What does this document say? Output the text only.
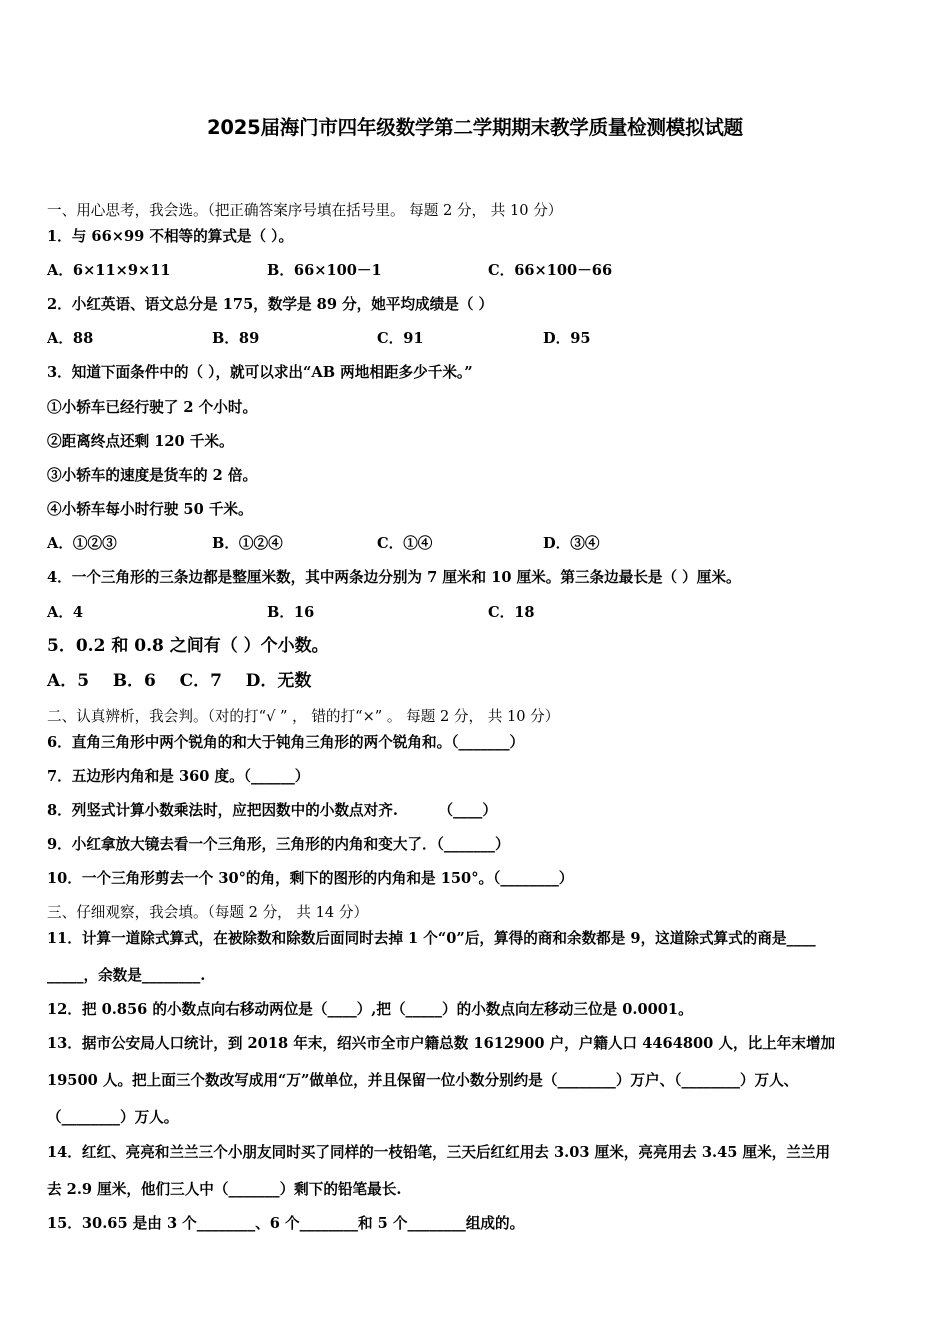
2025届海门市四年级数学第二学期期末教学质量检测模拟试题
一、用心思考，我会选。（把正确答案序号填在括号里。 每题 2 分， 共 10 分）
1．与 66×99 不相等的算式是（ ）。
A．6×11×9×11	B．66×100－1	C．66×100－66
2．小红英语、语文总分是 175，数学是 89 分，她平均成绩是（ ）
A．88	B．89	C．91	D．95
3．知道下面条件中的（ ），就可以求出“AB 两地相距多少千米。”
①小轿车已经行驶了 2 个小时。
②距离终点还剩 120 千米。
③小轿车的速度是货车的 2 倍。
④小轿车每小时行驶 50 千米。
A．①②③	B．①②④	C．①④	D．③④
4．一个三角形的三条边都是整厘米数，其中两条边分别为 7 厘米和 10 厘米。第三条边最长是（ ）厘米。
A．4	B．16	C．18
5．0.2 和 0.8 之间有（ ）个小数。
A．5    B．6    C．7    D．无数
二、认真辨析，我会判。（对的打“√ ” ， 错的打“×” 。 每题 2 分， 共 10 分）
6．直角三角形中两个锐角的和大于钝角三角形的两个锐角和。（_______）
7．五边形内角和是 360 度。（______）
8．列竖式计算小数乘法时，应把因数中的小数点对齐.        （____）
9．小红拿放大镜去看一个三角形，三角形的内角和变大了．（_______）
10．一个三角形剪去一个 30°的角，剩下的图形的内角和是 150°。（________）
三、仔细观察，我会填。（每题 2 分， 共 14 分）
11．计算一道除式算式，在被除数和除数后面同时去掉 1 个“0”后，算得的商和余数都是 9，这道除式算式的商是____
_____，余数是________.
12．把 0.856 的小数点向右移动两位是（____）,把（_____）的小数点向左移动三位是 0.0001。
13．据市公安局人口统计，到 2018 年末，绍兴市全市户籍总数 1612900 户，户籍人口 4464800 人，比上年末增加
19500 人。把上面三个数改写成用“万”做单位，并且保留一位小数分别约是（________）万户、（________）万人、
（________）万人。
14．红红、亮亮和兰兰三个小朋友同时买了同样的一枝铅笔，三天后红红用去 3.03 厘米，亮亮用去 3.45 厘米，兰兰用
去 2.9 厘米，他们三人中（_______）剩下的铅笔最长.
15．30.65 是由 3 个________、6 个________和 5 个________组成的。
